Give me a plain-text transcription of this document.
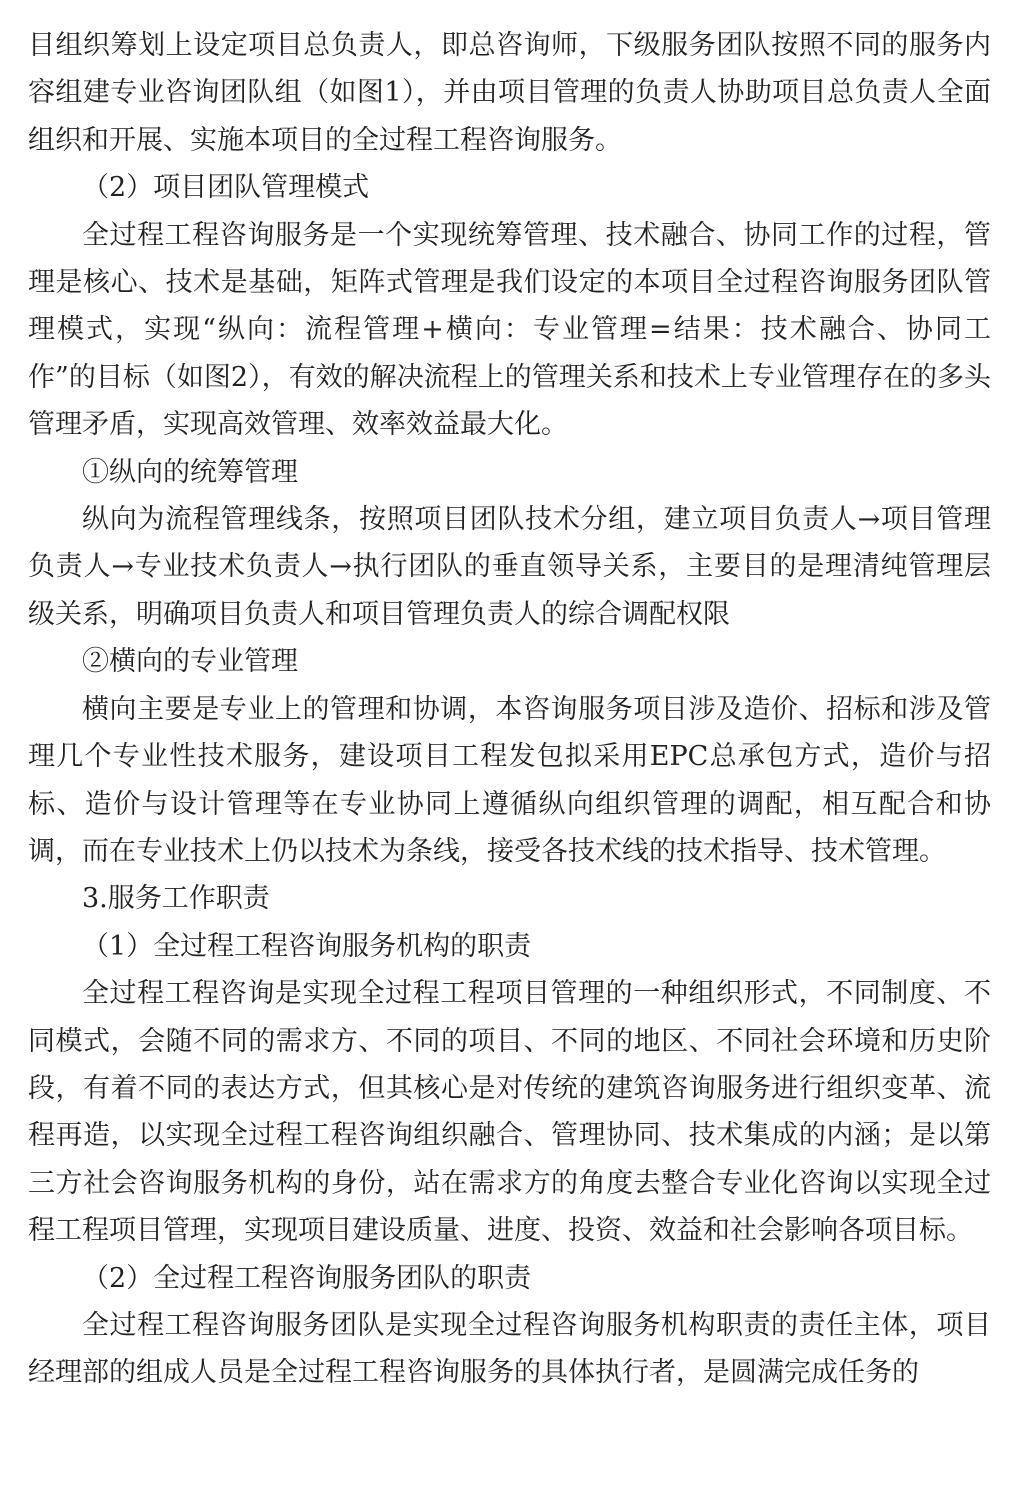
目组织筹划上设定项目总负责人，即总咨询师，下级服务团队按照不同的服务内容组建专业咨询团队组（如图1），并由项目管理的负责人协助项目总负责人全面组织和开展、实施本项目的全过程工程咨询服务。

（2）项目团队管理模式

全过程工程咨询服务是一个实现统筹管理、技术融合、协同工作的过程，管理是核心、技术是基础，矩阵式管理是我们设定的本项目全过程咨询服务团队管理模式，实现“纵向：流程管理+横向：专业管理=结果：技术融合、协同工作”的目标（如图2），有效的解决流程上的管理关系和技术上专业管理存在的多头管理矛盾，实现高效管理、效率效益最大化。

①纵向的统筹管理

纵向为流程管理线条，按照项目团队技术分组，建立项目负责人→项目管理负责人→专业技术负责人→执行团队的垂直领导关系，主要目的是理清纯管理层级关系，明确项目负责人和项目管理负责人的综合调配权限

②横向的专业管理

横向主要是专业上的管理和协调，本咨询服务项目涉及造价、招标和涉及管理几个专业性技术服务，建设项目工程发包拟采用EPC总承包方式，造价与招标、造价与设计管理等在专业协同上遵循纵向组织管理的调配，相互配合和协调，而在专业技术上仍以技术为条线，接受各技术线的技术指导、技术管理。

3.服务工作职责

（1）全过程工程咨询服务机构的职责

全过程工程咨询是实现全过程工程项目管理的一种组织形式，不同制度、不同模式，会随不同的需求方、不同的项目、不同的地区、不同社会环境和历史阶段，有着不同的表达方式，但其核心是对传统的建筑咨询服务进行组织变革、流程再造，以实现全过程工程咨询组织融合、管理协同、技术集成的内涵；是以第三方社会咨询服务机构的身份，站在需求方的角度去整合专业化咨询以实现全过程工程项目管理，实现项目建设质量、进度、投资、效益和社会影响各项目标。

（2）全过程工程咨询服务团队的职责

全过程工程咨询服务团队是实现全过程咨询服务机构职责的责任主体，项目经理部的组成人员是全过程工程咨询服务的具体执行者，是圆满完成任务的
